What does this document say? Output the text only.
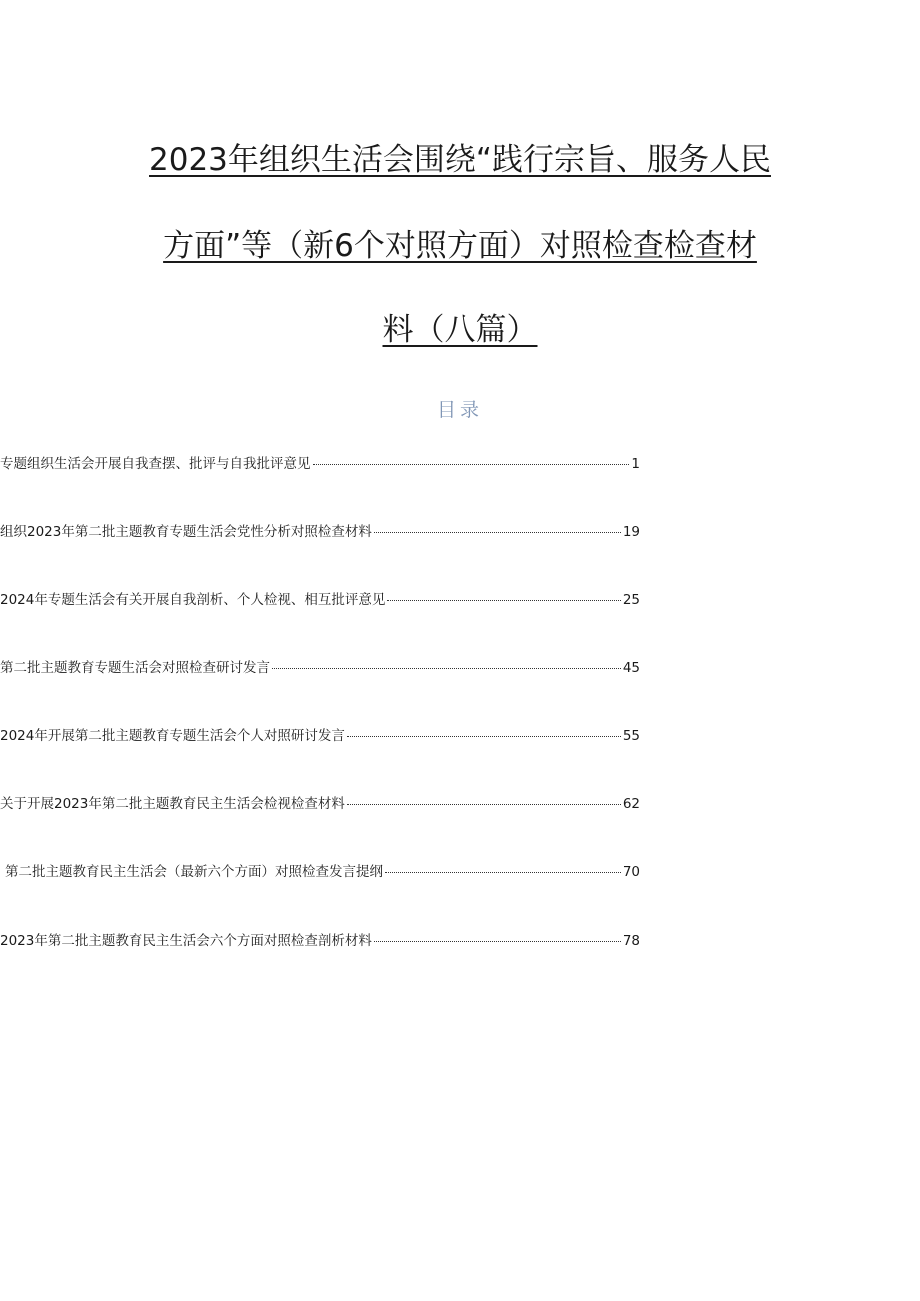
2023年组织生活会围绕“践行宗旨、服务人民
方面”等（新6个对照方面）对照检查检查材
料（八篇）
目录
专题组织生活会开展自我查摆、批评与自我批评意见	1
组织2023年第二批主题教育专题生活会党性分析对照检查材料	19
2024年专题生活会有关开展自我剖析、个人检视、相互批评意见	25
第二批主题教育专题生活会对照检查研讨发言	45
2024年开展第二批主题教育专题生活会个人对照研讨发言	55
关于开展2023年第二批主题教育民主生活会检视检查材料	62
第二批主题教育民主生活会（最新六个方面）对照检查发言提纲	70
2023年第二批主题教育民主生活会六个方面对照检查剖析材料	78
